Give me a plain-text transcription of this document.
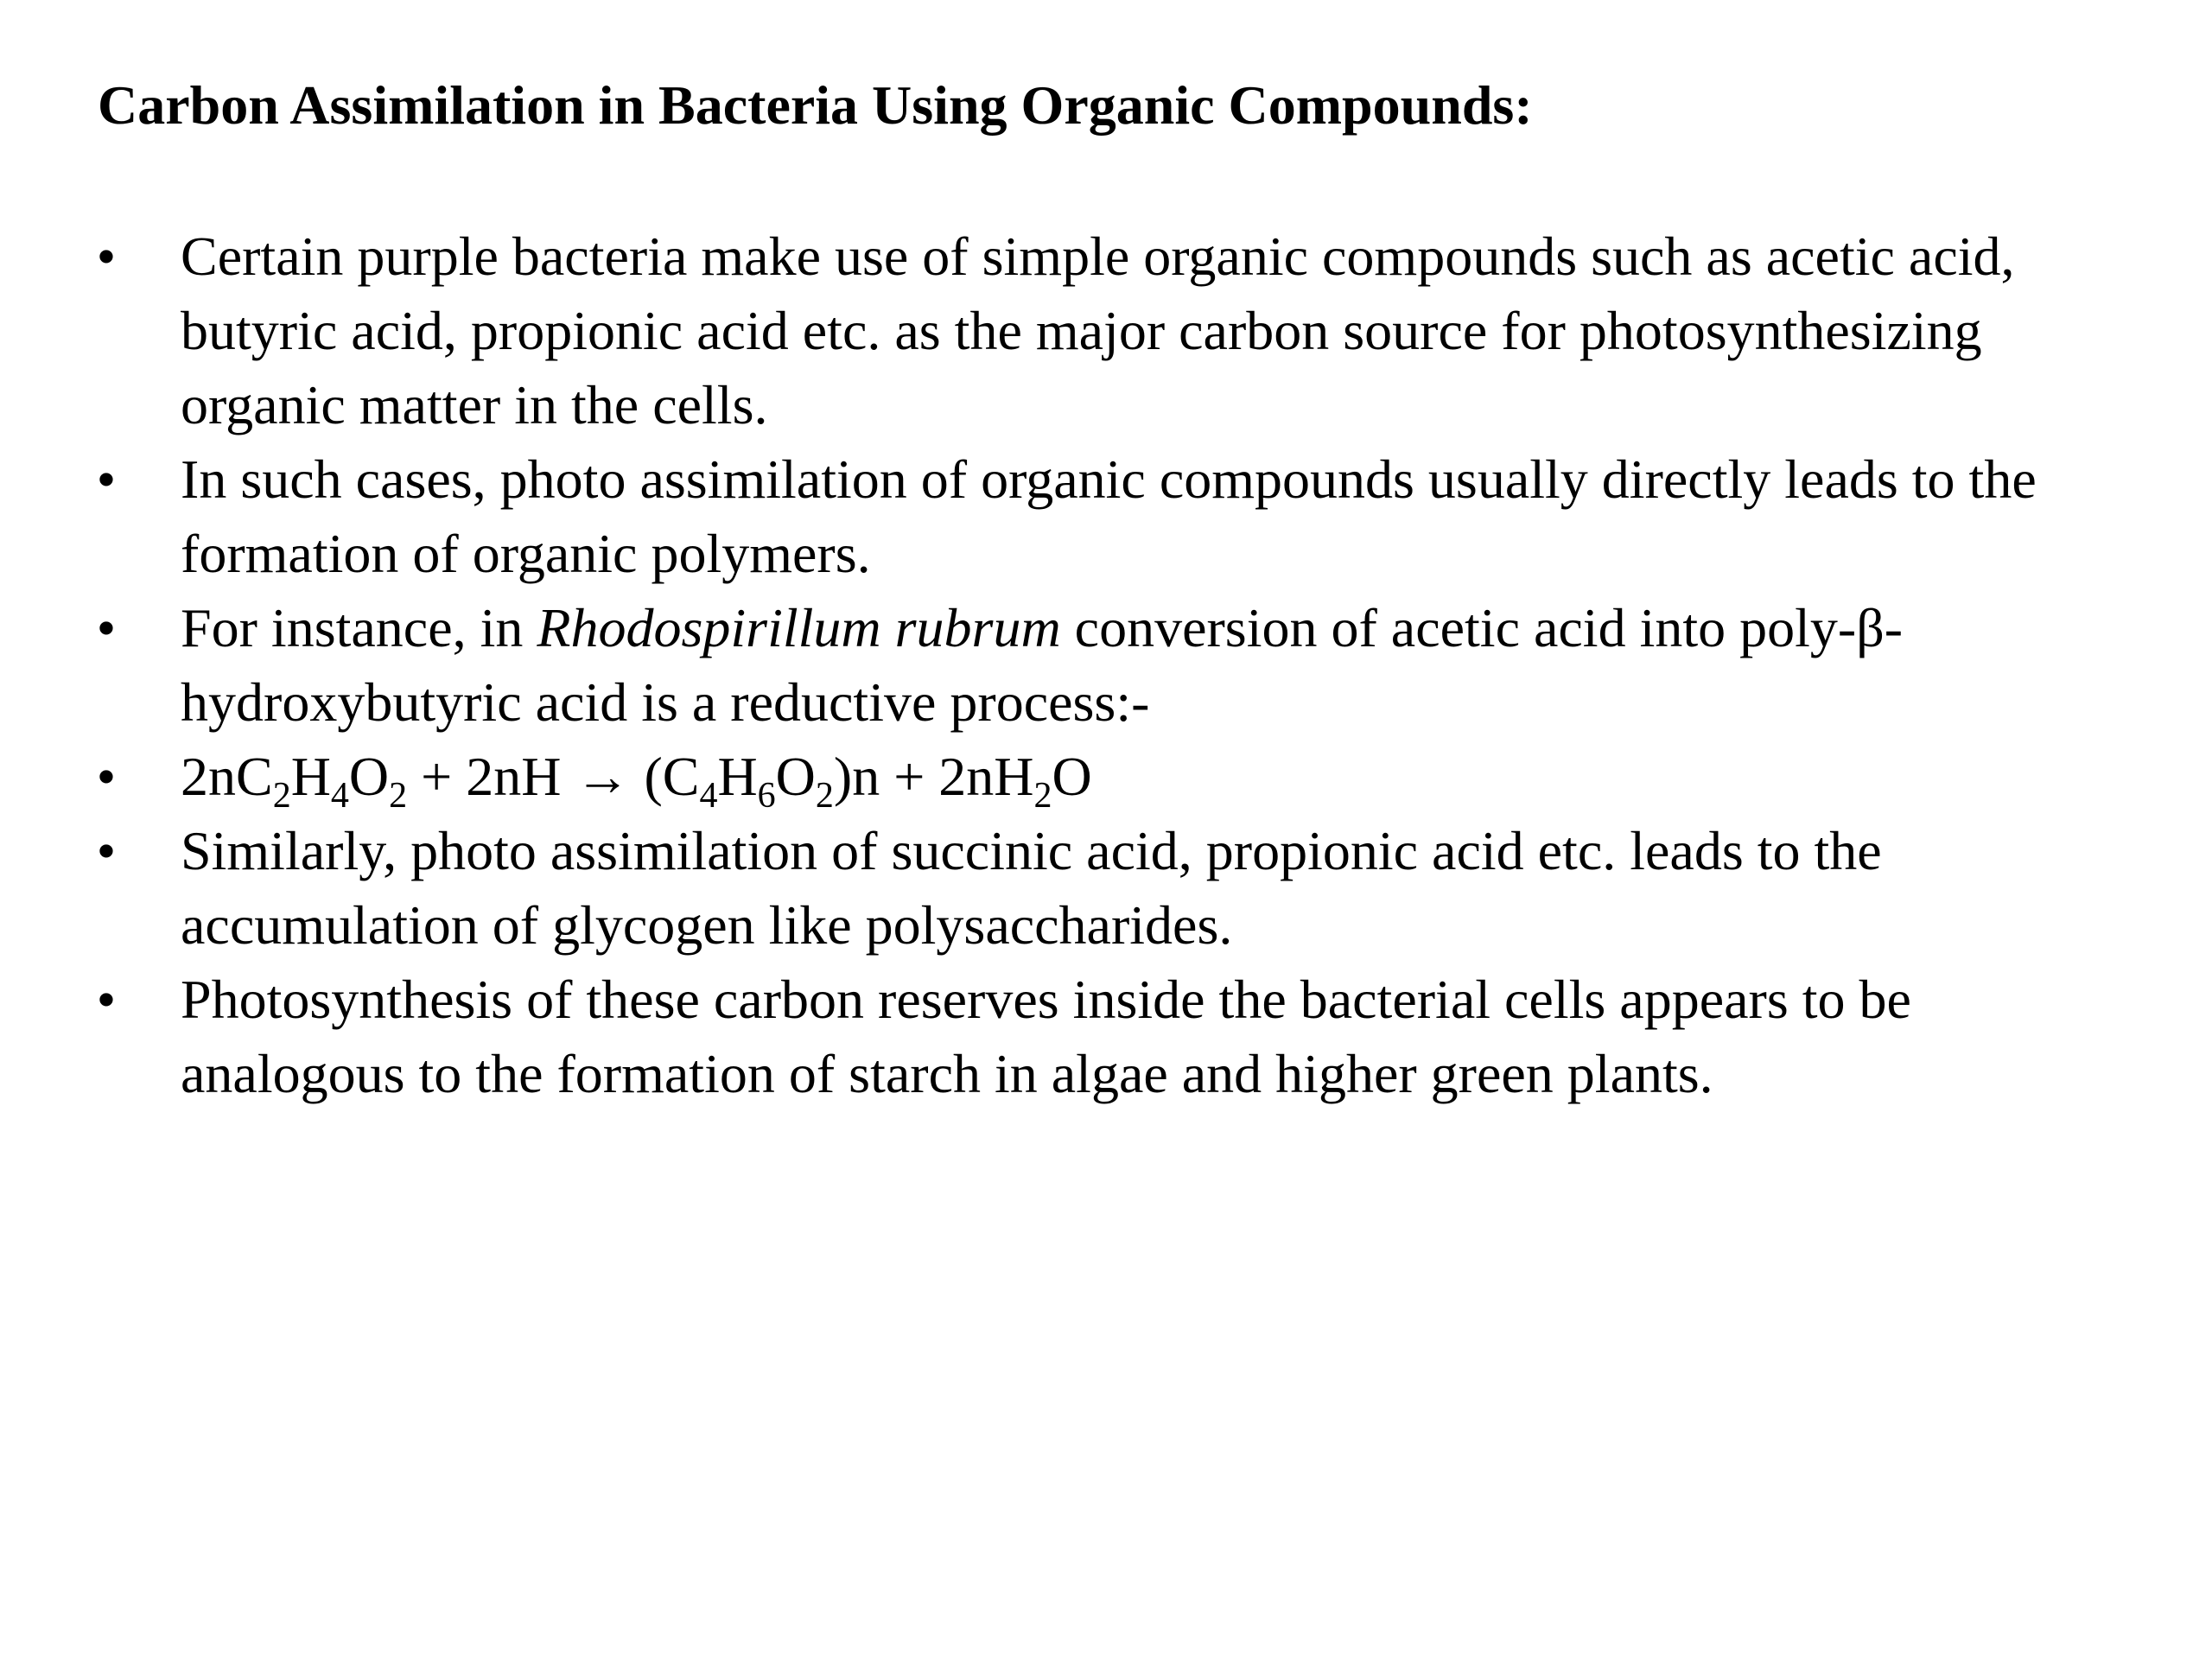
Carbon Assimilation in Bacteria Using Organic Compounds:
• Certain purple bacteria make use of simple organic compounds such as acetic acid, butyric acid, propionic acid etc. as the major carbon source for photosynthesizing organic matter in the cells.
• In such cases, photo assimilation of organic compounds usually directly leads to the formation of organic polymers.
• For instance, in Rhodospirillum rubrum conversion of acetic acid into poly-β-hydroxybutyric acid is a reductive process:-
• $2nC_2H_4O_2 + 2nH \to (C_4H_6O_2)n + 2nH_2O$
• Similarly, photo assimilation of succinic acid, propionic acid etc. leads to the accumulation of glycogen like polysaccharides.
• Photosynthesis of these carbon reserves inside the bacterial cells appears to be analogous to the formation of starch in algae and higher green plants.
